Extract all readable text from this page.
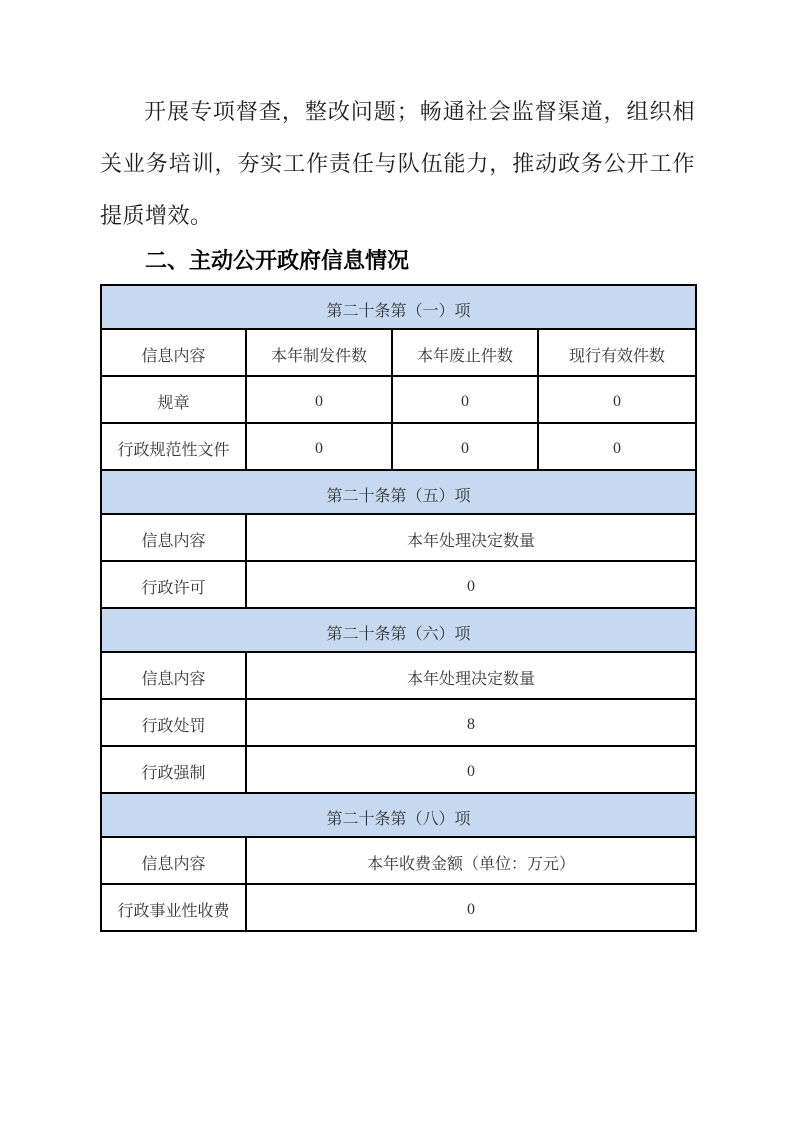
开展专项督查，整改问题；畅通社会监督渠道，组织相关业务培训，夯实工作责任与队伍能力，推动政务公开工作提质增效。

二、主动公开政府信息情况
第二十条第（一）项			
信息内容	本年制发件数	本年废止件数	现行有效件数
规章	0	0	0
行政规范性文件	0	0	0
第二十条第（五）项			
信息内容	本年处理决定数量		
行政许可	0		
第二十条第（六）项			
信息内容	本年处理决定数量		
行政处罚	8		
行政强制	0		
第二十条第（八）项			
信息内容	本年收费金额（单位：万元）		
行政事业性收费	0		
